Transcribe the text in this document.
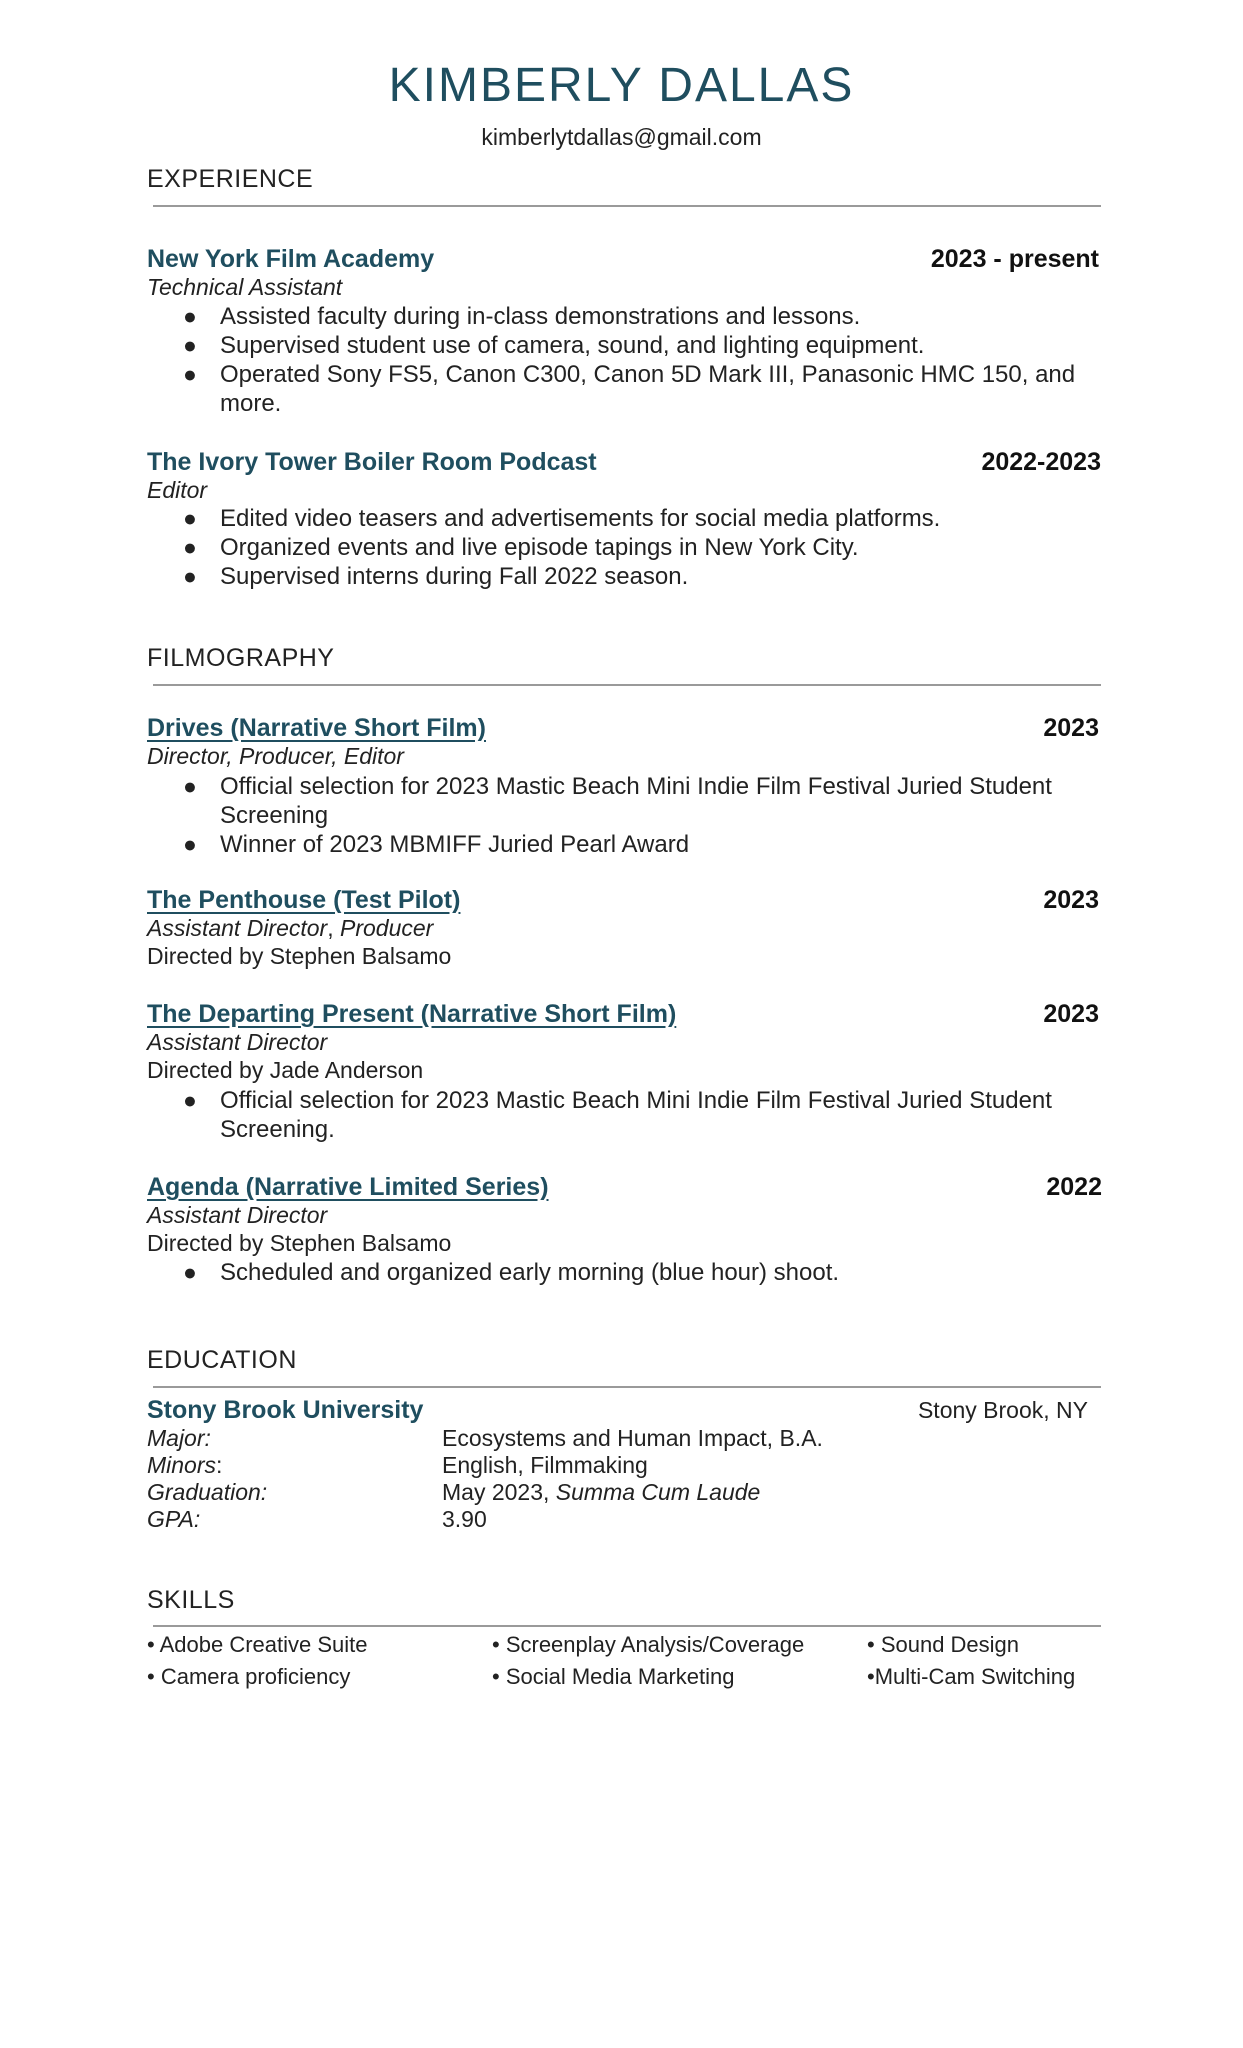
KIMBERLY DALLAS
kimberlytdallas@gmail.com
EXPERIENCE
New York Film Academy	2023 - present
Technical Assistant
● Assisted faculty during in-class demonstrations and lessons.
● Supervised student use of camera, sound, and lighting equipment.
● Operated Sony FS5, Canon C300, Canon 5D Mark III, Panasonic HMC 150, and more.
The Ivory Tower Boiler Room Podcast	2022-2023
Editor
● Edited video teasers and advertisements for social media platforms.
● Organized events and live episode tapings in New York City.
● Supervised interns during Fall 2022 season.
FILMOGRAPHY
Drives (Narrative Short Film)	2023
Director, Producer, Editor
● Official selection for 2023 Mastic Beach Mini Indie Film Festival Juried Student Screening
● Winner of 2023 MBMIFF Juried Pearl Award
The Penthouse (Test Pilot)	2023
Assistant Director, Producer
Directed by Stephen Balsamo
The Departing Present (Narrative Short Film)	2023
Assistant Director
Directed by Jade Anderson
● Official selection for 2023 Mastic Beach Mini Indie Film Festival Juried Student Screening.
Agenda (Narrative Limited Series)	2022
Assistant Director
Directed by Stephen Balsamo
● Scheduled and organized early morning (blue hour) shoot.
EDUCATION
Stony Brook University	Stony Brook, NY
Major:	Ecosystems and Human Impact, B.A.
Minors:	English, Filmmaking
Graduation:	May 2023, Summa Cum Laude
GPA:	3.90
SKILLS
• Adobe Creative Suite	• Screenplay Analysis/Coverage	• Sound Design
• Camera proficiency	• Social Media Marketing	•Multi-Cam Switching
